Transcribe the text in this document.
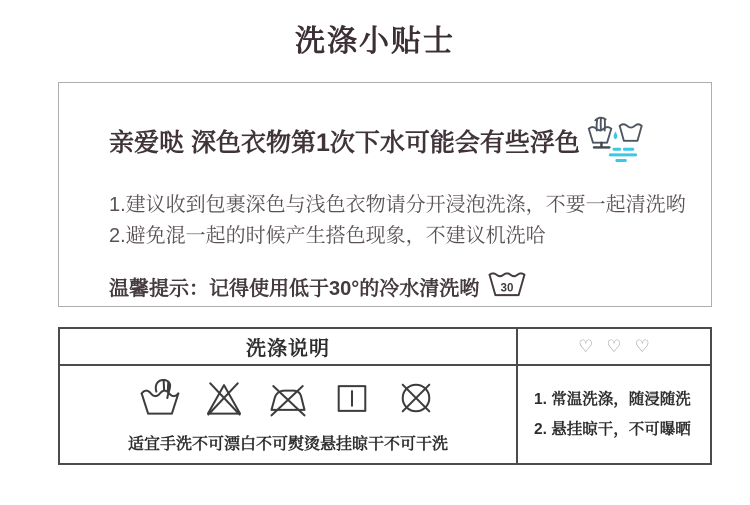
洗涤小贴士
亲爱哒 深色衣物第1次下水可能会有些浮色

1.建议收到包裹深色与浅色衣物请分开浸泡洗涤，不要一起清洗哟

2.避免混一起的时候产生搭色现象，不建议机洗哈

温馨提示：记得使用低于30°的冷水清洗哟 30
洗涤说明	♡ ♡ ♡
适宜手洗 不可漂白 不可熨烫 悬挂晾干 不可干洗

1. 常温洗涤，随浸随洗

2. 悬挂晾干，不可曝晒
